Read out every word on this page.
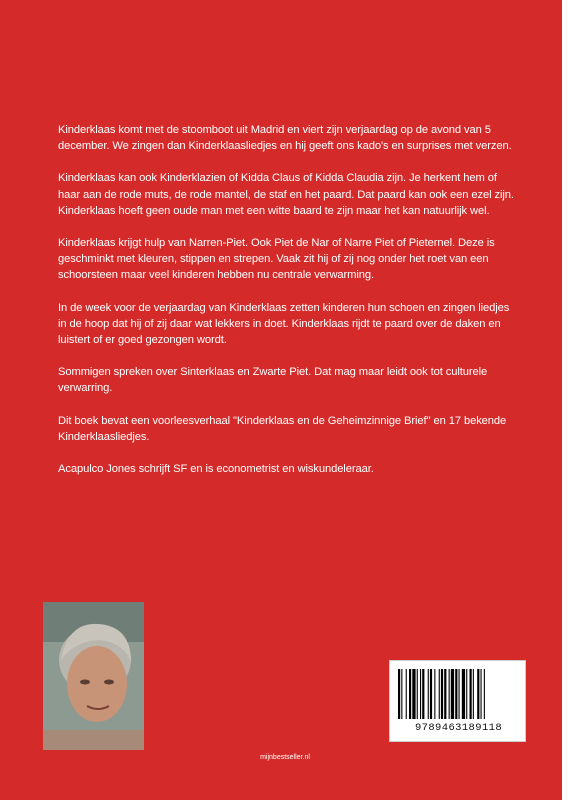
Kinderklaas komt met de stoomboot uit Madrid en viert zijn verjaardag op de avond van 5 december. We zingen dan Kinderklaasliedjes en hij geeft ons kado's en surprises met verzen.

Kinderklaas kan ook Kinderklazien of Kidda Claus of Kidda Claudia zijn. Je herkent hem of haar aan de rode muts, de rode mantel, de staf en het paard. Dat paard kan ook een ezel zijn. Kinderklaas hoeft geen oude man met een witte baard te zijn maar het kan natuurlijk wel.

Kinderklaas krijgt hulp van Narren-Piet. Ook Piet de Nar of Narre Piet of Pieternel. Deze is geschminkt met kleuren, stippen en strepen. Vaak zit hij of zij nog onder het roet van een schoorsteen maar veel kinderen hebben nu centrale verwarming.

In de week voor de verjaardag van Kinderklaas zetten kinderen hun schoen en zingen liedjes in de hoop dat hij of zij daar wat lekkers in doet. Kinderklaas rijdt te paard over de daken en luistert of er goed gezongen wordt.

Sommigen spreken over Sinterklaas en Zwarte Piet. Dat mag maar leidt ook tot culturele verwarring.

Dit boek bevat een voorleesverhaal "Kinderklaas en de Geheimzinnige Brief" en 17 bekende Kinderklaasliedjes.

Acapulco Jones schrijft SF en is econometrist en wiskundeleraar.

mijnbestseller.nl
9789463189118
